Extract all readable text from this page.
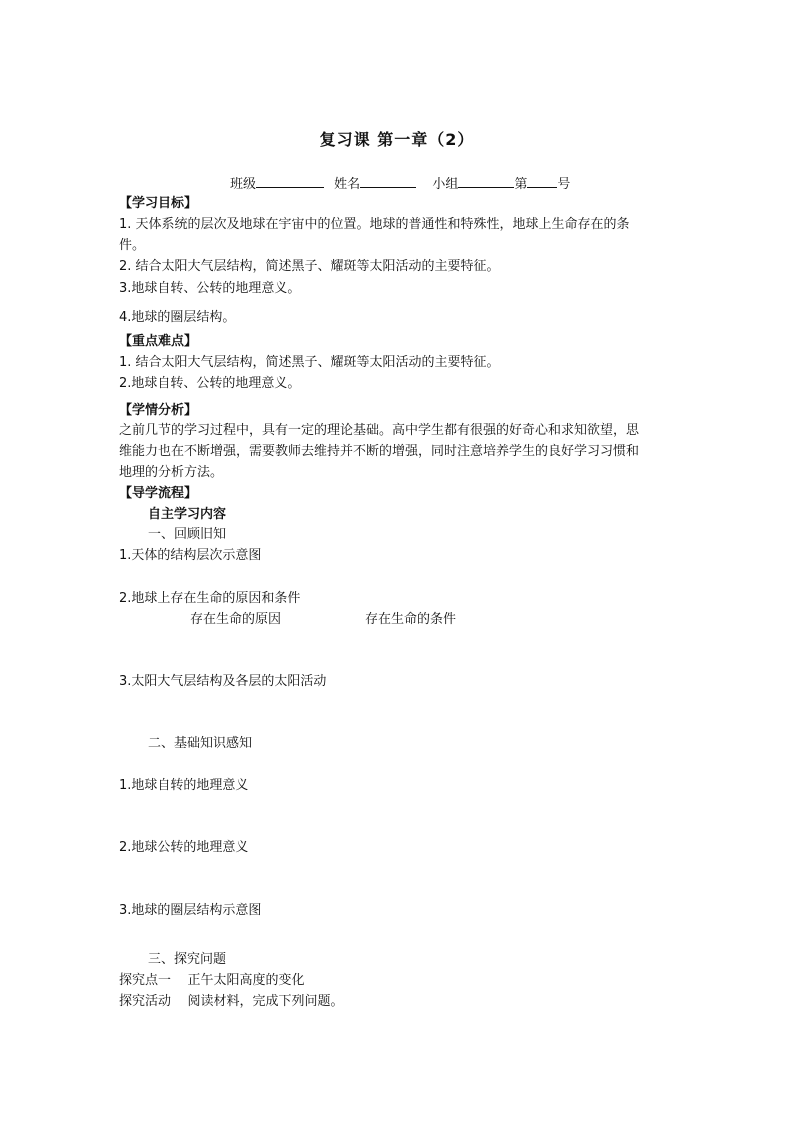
复习课 第一章（2）
班级	姓名	小组	第 号
【学习目标】
1. 天体系统的层次及地球在宇宙中的位置。地球的普通性和特殊性，地球上生命存在的条
件。
2. 结合太阳大气层结构，简述黑子、耀斑等太阳活动的主要特征。
3.地球自转、公转的地理意义。
4.地球的圈层结构。
【重点难点】
1. 结合太阳大气层结构，简述黑子、耀斑等太阳活动的主要特征。
2.地球自转、公转的地理意义。
【学情分析】
之前几节的学习过程中，具有一定的理论基础。高中学生都有很强的好奇心和求知欲望，思
维能力也在不断增强，需要教师去维持并不断的增强，同时注意培养学生的良好学习习惯和
地理的分析方法。
【导学流程】
自主学习内容
一、回顾旧知
1.天体的结构层次示意图
2.地球上存在生命的原因和条件
存在生命的原因	存在生命的条件
3.太阳大气层结构及各层的太阳活动
二、基础知识感知
1.地球自转的地理意义
2.地球公转的地理意义
3.地球的圈层结构示意图
三、探究问题
探究点一    正午太阳高度的变化
探究活动    阅读材料，完成下列问题。
